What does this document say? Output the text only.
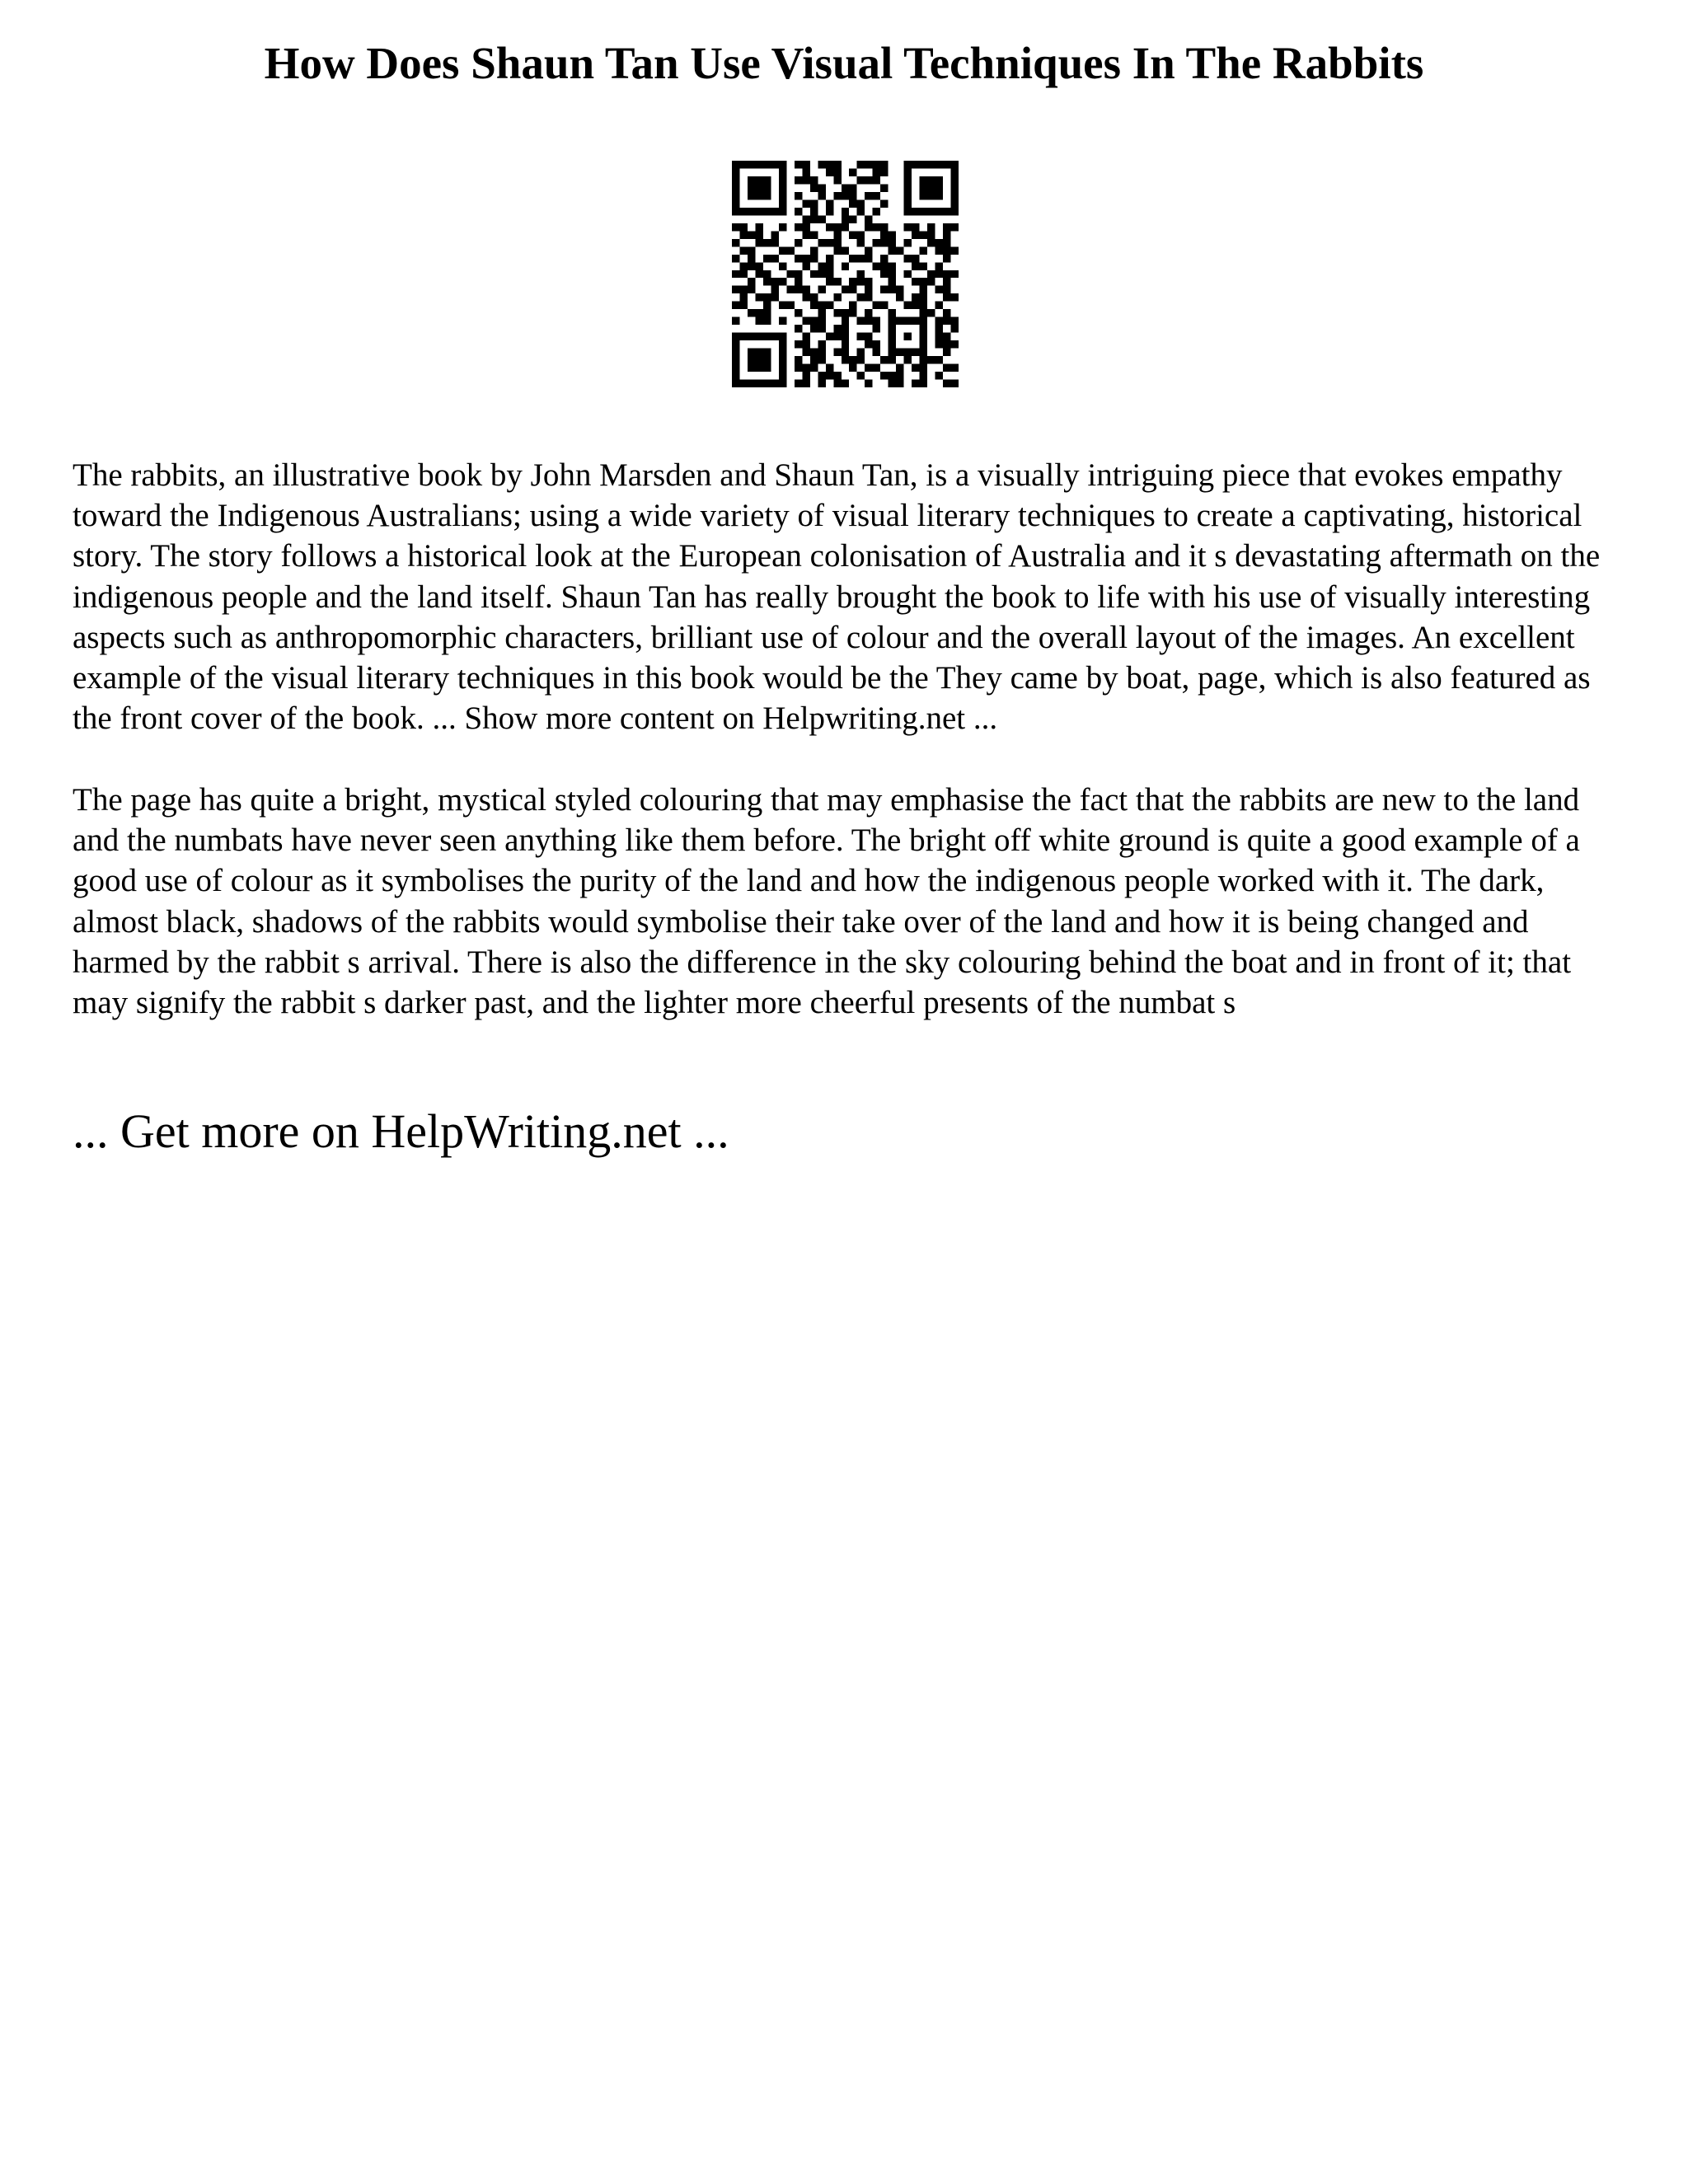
How Does Shaun Tan Use Visual Techniques In The Rabbits

The rabbits, an illustrative book by John Marsden and Shaun Tan, is a visually intriguing piece that evokes empathy toward the Indigenous Australians; using a wide variety of visual literary techniques to create a captivating, historical story. The story follows a historical look at the European colonisation of Australia and it s devastating aftermath on the indigenous people and the land itself. Shaun Tan has really brought the book to life with his use of visually interesting aspects such as anthropomorphic characters, brilliant use of colour and the overall layout of the images. An excellent example of the visual literary techniques in this book would be the They came by boat, page, which is also featured as the front cover of the book. ... Show more content on Helpwriting.net ...

The page has quite a bright, mystical styled colouring that may emphasise the fact that the rabbits are new to the land and the numbats have never seen anything like them before. The bright off white ground is quite a good example of a good use of colour as it symbolises the purity of the land and how the indigenous people worked with it. The dark, almost black, shadows of the rabbits would symbolise their take over of the land and how it is being changed and harmed by the rabbit s arrival. There is also the difference in the sky colouring behind the boat and in front of it; that may signify the rabbit s darker past, and the lighter more cheerful presents of the numbat s

... Get more on HelpWriting.net ...
